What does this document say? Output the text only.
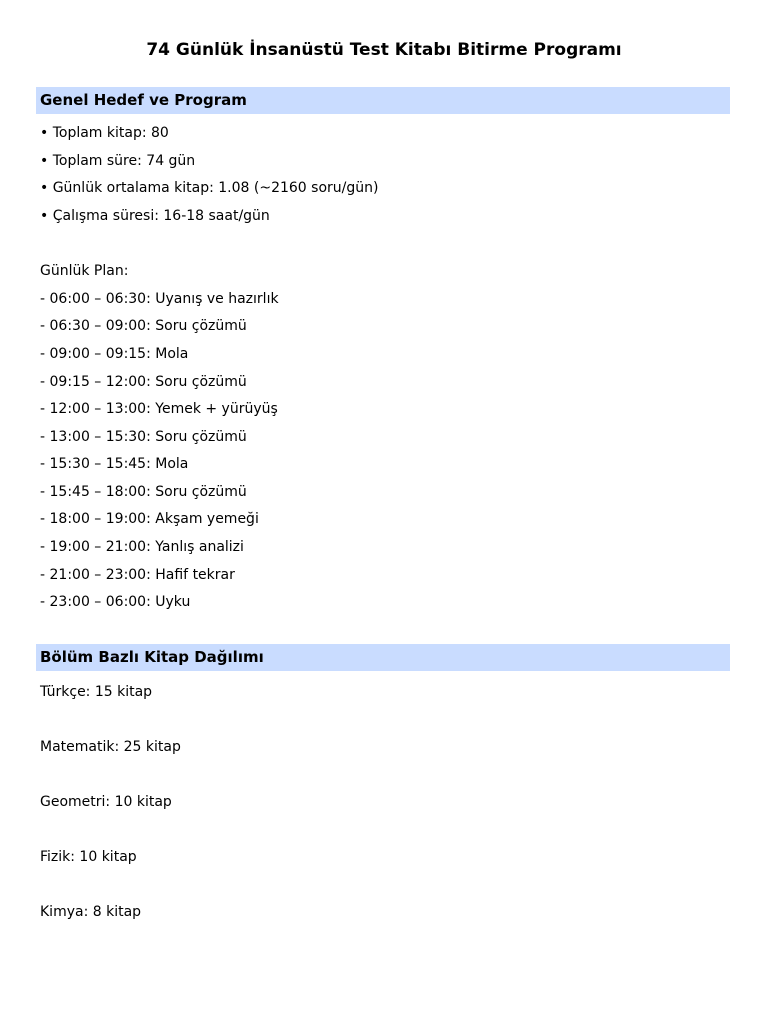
74 Günlük İnsanüstü Test Kitabı Bitirme Programı
Genel Hedef ve Program
• Toplam kitap: 80
• Toplam süre: 74 gün
• Günlük ortalama kitap: 1.08 (~2160 soru/gün)
• Çalışma süresi: 16-18 saat/gün
Günlük Plan:
- 06:00 – 06:30: Uyanış ve hazırlık
- 06:30 – 09:00: Soru çözümü
- 09:00 – 09:15: Mola
- 09:15 – 12:00: Soru çözümü
- 12:00 – 13:00: Yemek + yürüyüş
- 13:00 – 15:30: Soru çözümü
- 15:30 – 15:45: Mola
- 15:45 – 18:00: Soru çözümü
- 18:00 – 19:00: Akşam yemeği
- 19:00 – 21:00: Yanlış analizi
- 21:00 – 23:00: Hafif tekrar
- 23:00 – 06:00: Uyku
Bölüm Bazlı Kitap Dağılımı
Türkçe: 15 kitap
Matematik: 25 kitap
Geometri: 10 kitap
Fizik: 10 kitap
Kimya: 8 kitap
